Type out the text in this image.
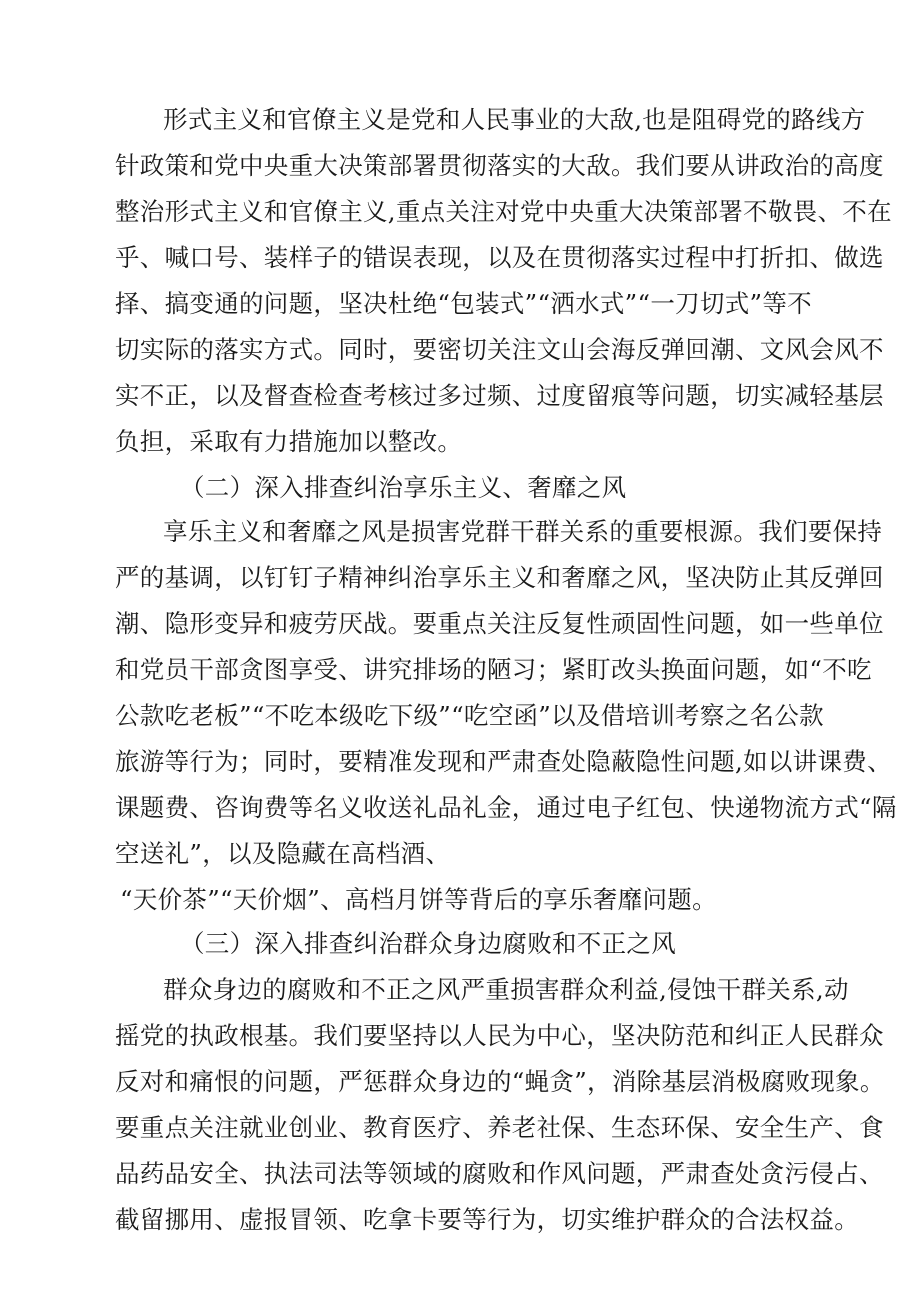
形式主义和官僚主义是党和人民事业的大敌,也是阻碍党的路线方
针政策和党中央重大决策部署贯彻落实的大敌。我们要从讲政治的高度
整治形式主义和官僚主义,重点关注对党中央重大决策部署不敬畏、不在
乎、喊口号、装样子的错误表现，以及在贯彻落实过程中打折扣、做选
择、搞变通的问题，坚决杜绝“包装式”“洒水式”“一刀切式”等不
切实际的落实方式。同时，要密切关注文山会海反弹回潮、文风会风不
实不正，以及督查检查考核过多过频、过度留痕等问题，切实减轻基层
负担，采取有力措施加以整改。
（二）深入排查纠治享乐主义、奢靡之风
享乐主义和奢靡之风是损害党群干群关系的重要根源。我们要保持
严的基调，以钉钉子精神纠治享乐主义和奢靡之风，坚决防止其反弹回
潮、隐形变异和疲劳厌战。要重点关注反复性顽固性问题，如一些单位
和党员干部贪图享受、讲究排场的陋习；紧盯改头换面问题，如“不吃
公款吃老板”“不吃本级吃下级”“吃空函”以及借培训考察之名公款
旅游等行为；同时，要精准发现和严肃查处隐蔽隐性问题,如以讲课费、
课题费、咨询费等名义收送礼品礼金，通过电子红包、快递物流方式“隔
空送礼”，以及隐藏在高档酒、
“天价茶”“天价烟”、高档月饼等背后的享乐奢靡问题。
（三）深入排查纠治群众身边腐败和不正之风
群众身边的腐败和不正之风严重损害群众利益,侵蚀干群关系,动
摇党的执政根基。我们要坚持以人民为中心，坚决防范和纠正人民群众
反对和痛恨的问题，严惩群众身边的“蝇贪”，消除基层消极腐败现象。
要重点关注就业创业、教育医疗、养老社保、生态环保、安全生产、食
品药品安全、执法司法等领域的腐败和作风问题，严肃查处贪污侵占、
截留挪用、虚报冒领、吃拿卡要等行为，切实维护群众的合法权益。
